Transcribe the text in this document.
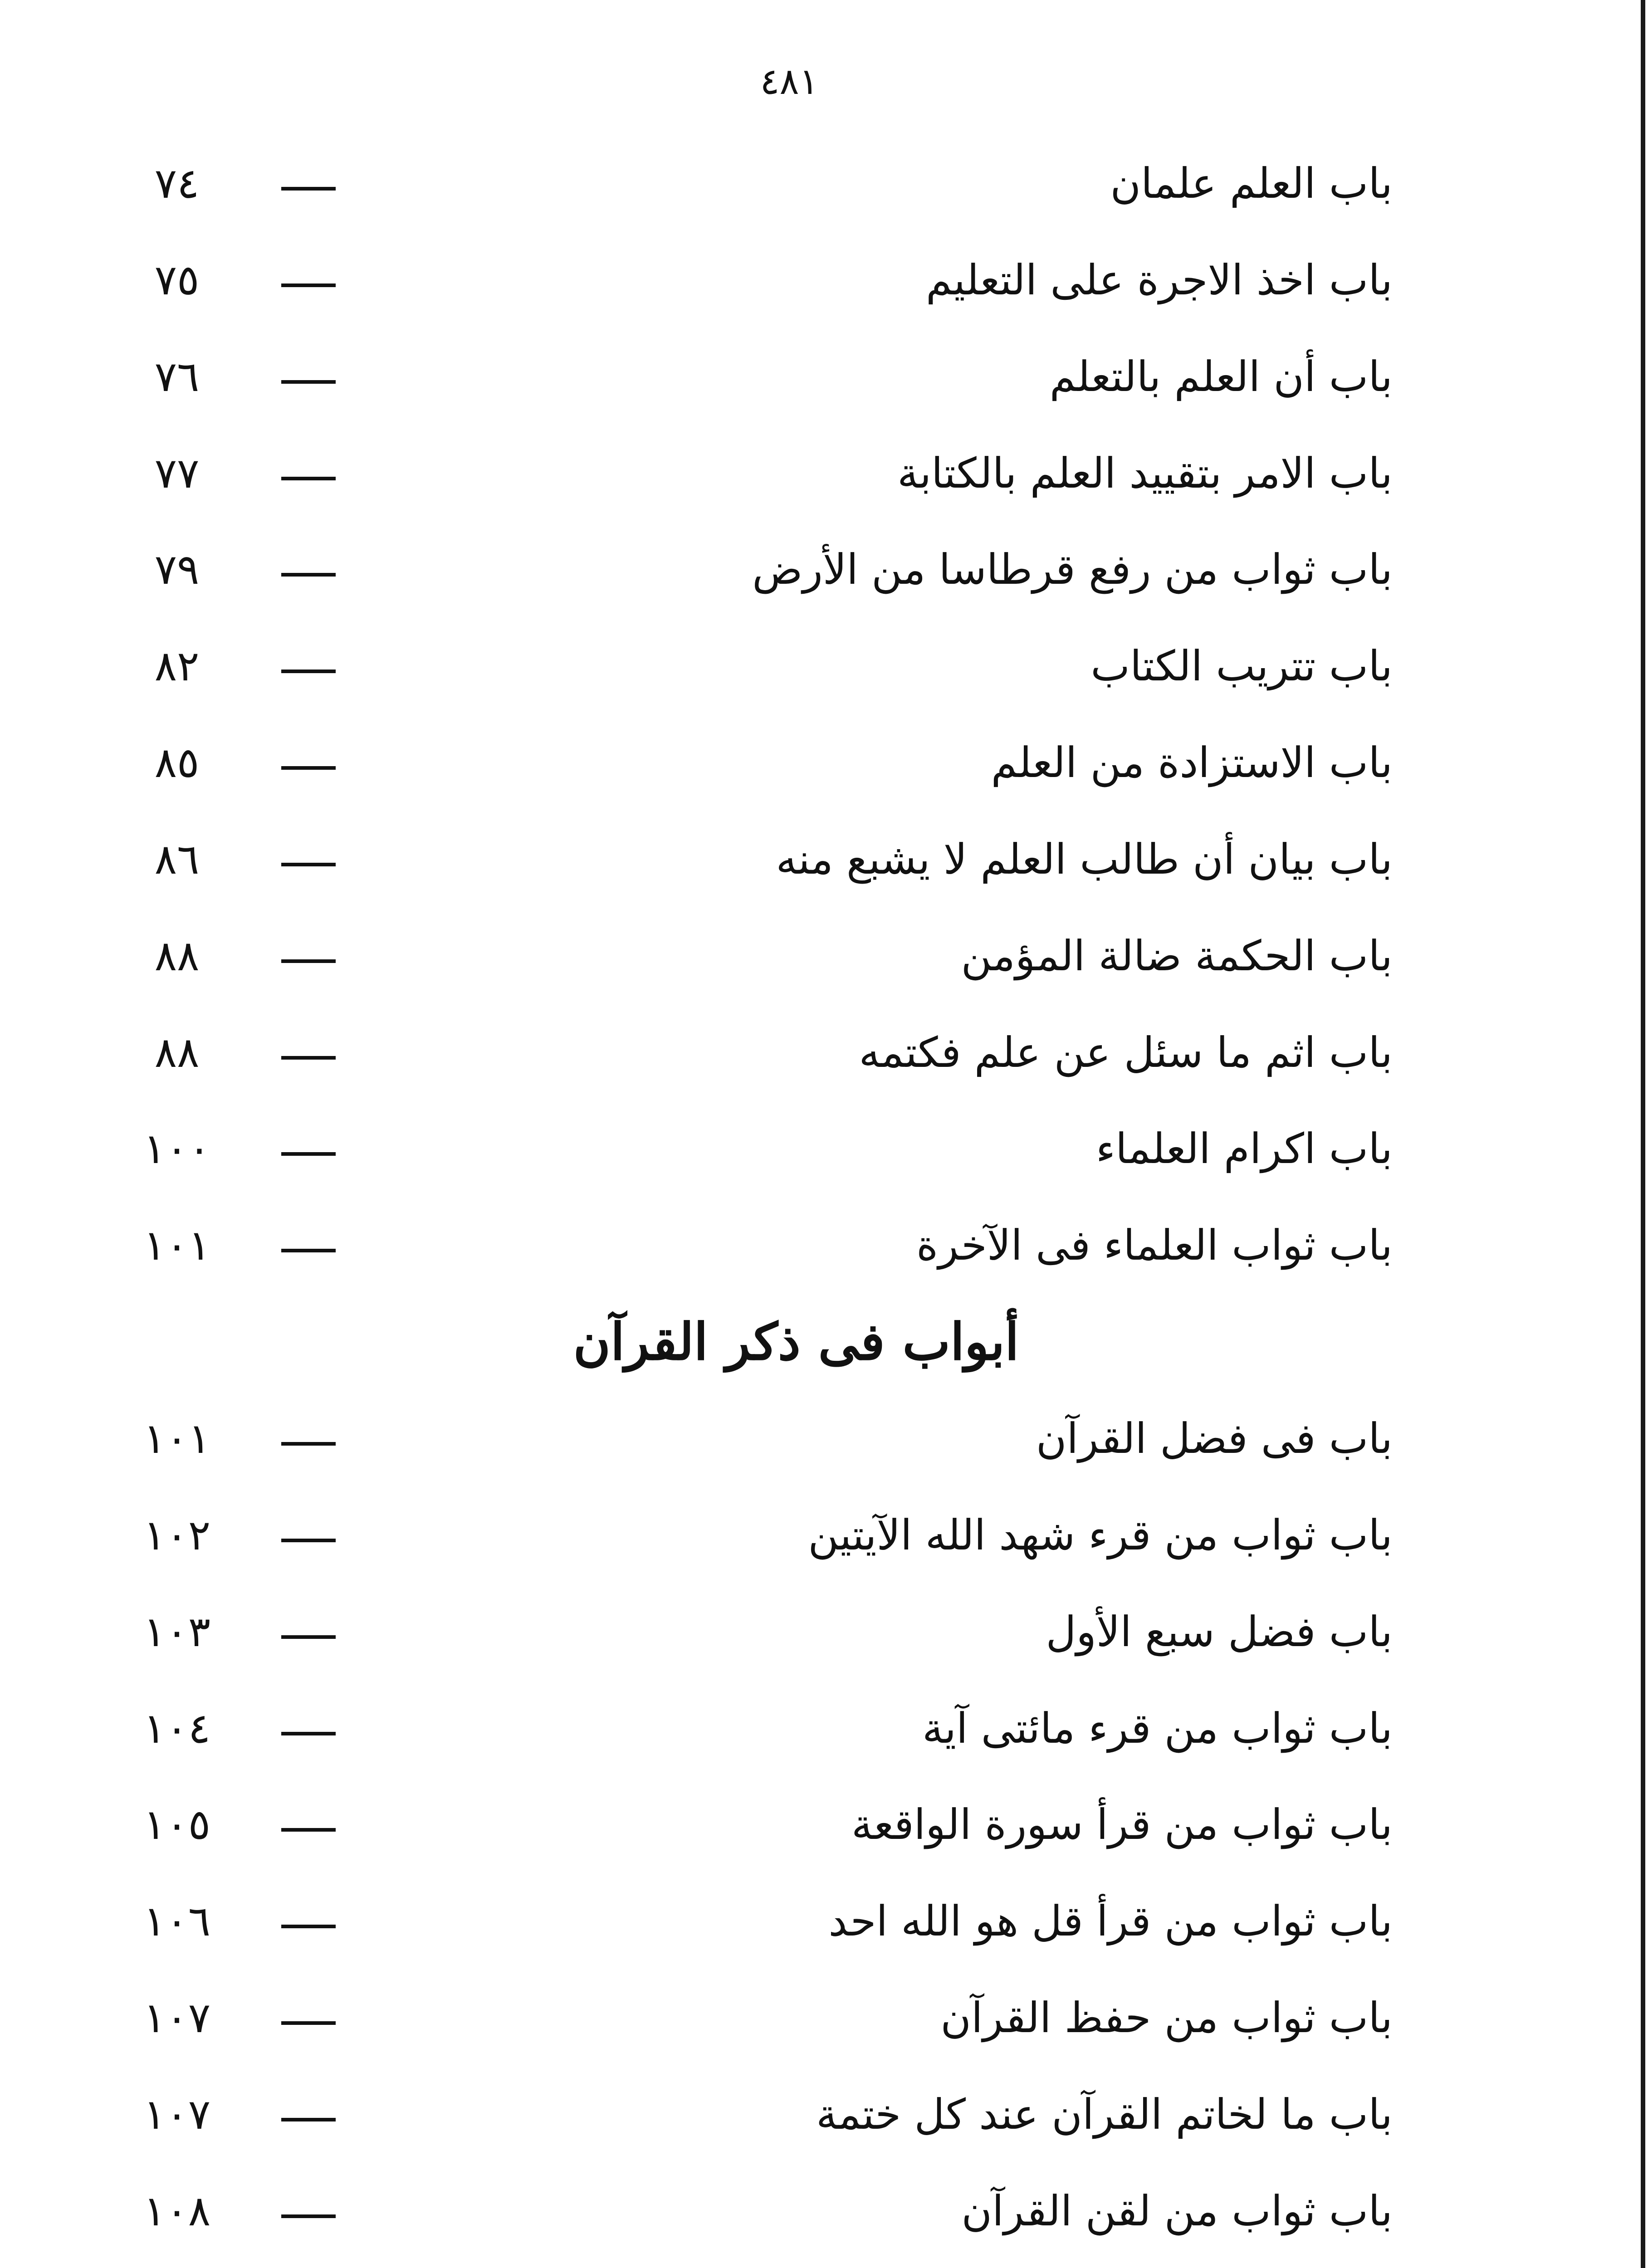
٤٨١
باب العلم علمان
٧٤
باب اخذ الاجرة على التعليم
٧٥
باب أن العلم بالتعلم
٧٦
باب الامر بتقييد العلم بالكتابة
٧٧
باب ثواب من رفع قرطاسا من الأرض
٧٩
باب تتريب الكتاب
٨٢
باب الاستزادة من العلم
٨٥
باب بيان أن طالب العلم لا يشبع منه
٨٦
باب الحكمة ضالة المؤمن
٨٨
باب اثم ما سئل عن علم فكتمه
٨٨
باب اكرام العلماء
١٠٠
باب ثواب العلماء فى الآخرة
١٠١
أبواب فى ذكر القرآن
باب فى فضل القرآن
١٠١
باب ثواب من قرء شهد الله الآيتين
١٠٢
باب فضل سبع الأول
١٠٣
باب ثواب من قرء مائتى آية
١٠٤
باب ثواب من قرأ سورة الواقعة
١٠٥
باب ثواب من قرأ قل هو الله احد
١٠٦
باب ثواب من حفظ القرآن
١٠٧
باب ما لخاتم القرآن عند كل ختمة
١٠٧
باب ثواب من لقن القرآن
١٠٨
